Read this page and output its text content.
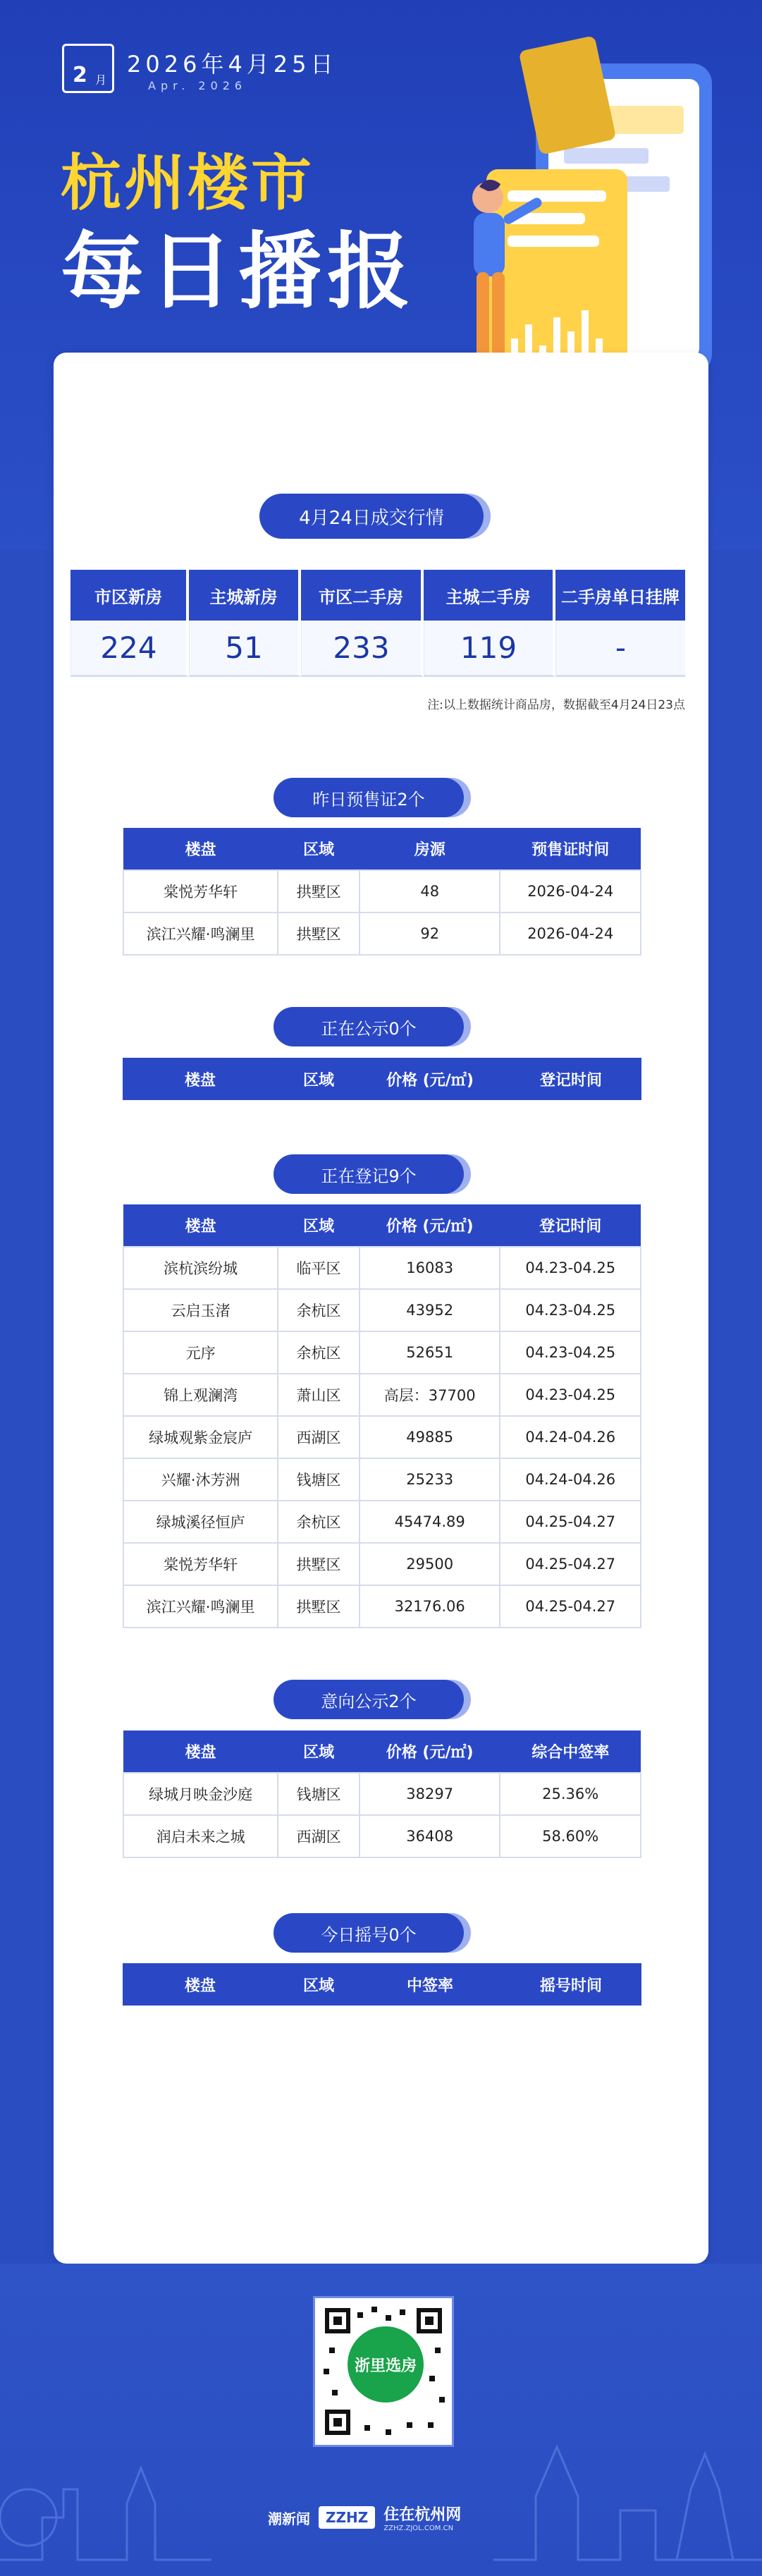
2 月
2026年4月25日
Apr. 2026
杭州楼市
每日播报
4月24日成交行情
市区新房	主城新房	市区二手房	主城二手房	二手房单日挂牌
224	51	233	119	-
注:以上数据统计商品房，数据截至4月24日23点
昨日预售证2个
楼盘	区域	房源	预售证时间
棠悦芳华轩	拱墅区	48	2026-04-24
滨江兴耀·鸣澜里	拱墅区	92	2026-04-24
正在公示0个
楼盘	区域	价格 (元/㎡)	登记时间
正在登记9个
楼盘	区域	价格 (元/㎡)	登记时间
滨杭滨纷城	临平区	16083	04.23-04.25
云启玉渚	余杭区	43952	04.23-04.25
元序	余杭区	52651	04.23-04.25
锦上观澜湾	萧山区	高层：37700	04.23-04.25
绿城观紫金宸庐	西湖区	49885	04.24-04.26
兴耀·沐芳洲	钱塘区	25233	04.24-04.26
绿城溪径恒庐	余杭区	45474.89	04.25-04.27
棠悦芳华轩	拱墅区	29500	04.25-04.27
滨江兴耀·鸣澜里	拱墅区	32176.06	04.25-04.27
意向公示2个
楼盘	区域	价格 (元/㎡)	综合中签率
绿城月映金沙庭	钱塘区	38297	25.36%
润启未来之城	西湖区	36408	58.60%
今日摇号0个
楼盘	区域	中签率	摇号时间
浙里选房
潮新闻	ZZHZ	住在杭州网
ZZHZ.ZJOL.COM.CN
